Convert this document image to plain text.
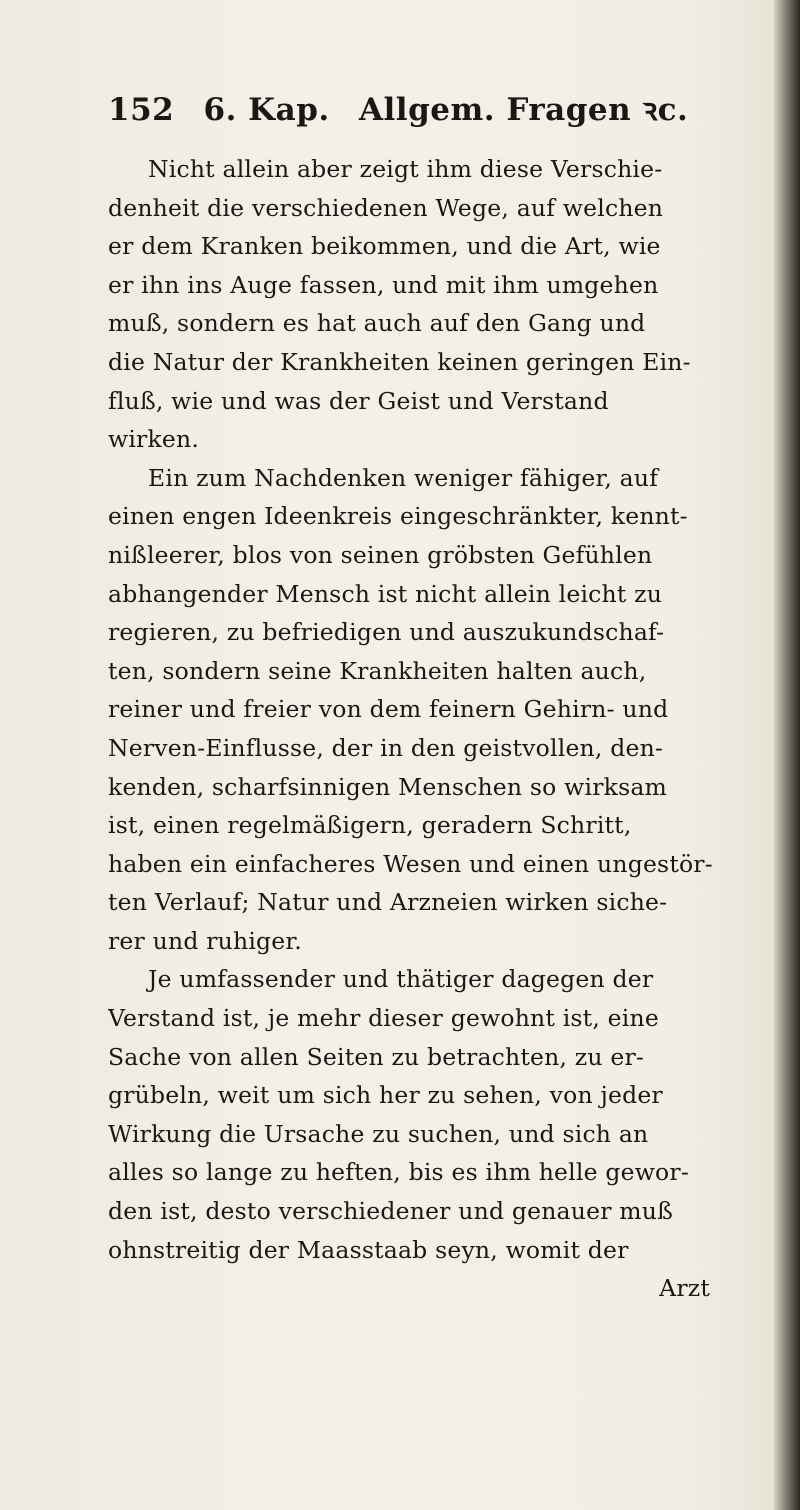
152 6. Kap. Allgem. Fragen ꝛc.
Nicht allein aber zeigt ihm diese Verschie-
denheit die verschiedenen Wege, auf welchen
er dem Kranken beikommen, und die Art, wie
er ihn ins Auge fassen, und mit ihm umgehen
muß, sondern es hat auch auf den Gang und
die Natur der Krankheiten keinen geringen Ein-
fluß, wie und was der Geist und Verstand
wirken.
Ein zum Nachdenken weniger fähiger, auf
einen engen Ideenkreis eingeschränkter, kennt-
nißleerer, blos von seinen gröbsten Gefühlen
abhangender Mensch ist nicht allein leicht zu
regieren, zu befriedigen und auszukundschaf-
ten, sondern seine Krankheiten halten auch,
reiner und freier von dem feinern Gehirn- und
Nerven-Einflusse, der in den geistvollen, den-
kenden, scharfsinnigen Menschen so wirksam
ist, einen regelmäßigern, geradern Schritt,
haben ein einfacheres Wesen und einen ungestör-
ten Verlauf; Natur und Arzneien wirken siche-
rer und ruhiger.
Je umfassender und thätiger dagegen der
Verstand ist, je mehr dieser gewohnt ist, eine
Sache von allen Seiten zu betrachten, zu er-
grübeln, weit um sich her zu sehen, von jeder
Wirkung die Ursache zu suchen, und sich an
alles so lange zu heften, bis es ihm helle gewor-
den ist, desto verschiedener und genauer muß
ohnstreitig der Maasstaab seyn, womit der
Arzt
